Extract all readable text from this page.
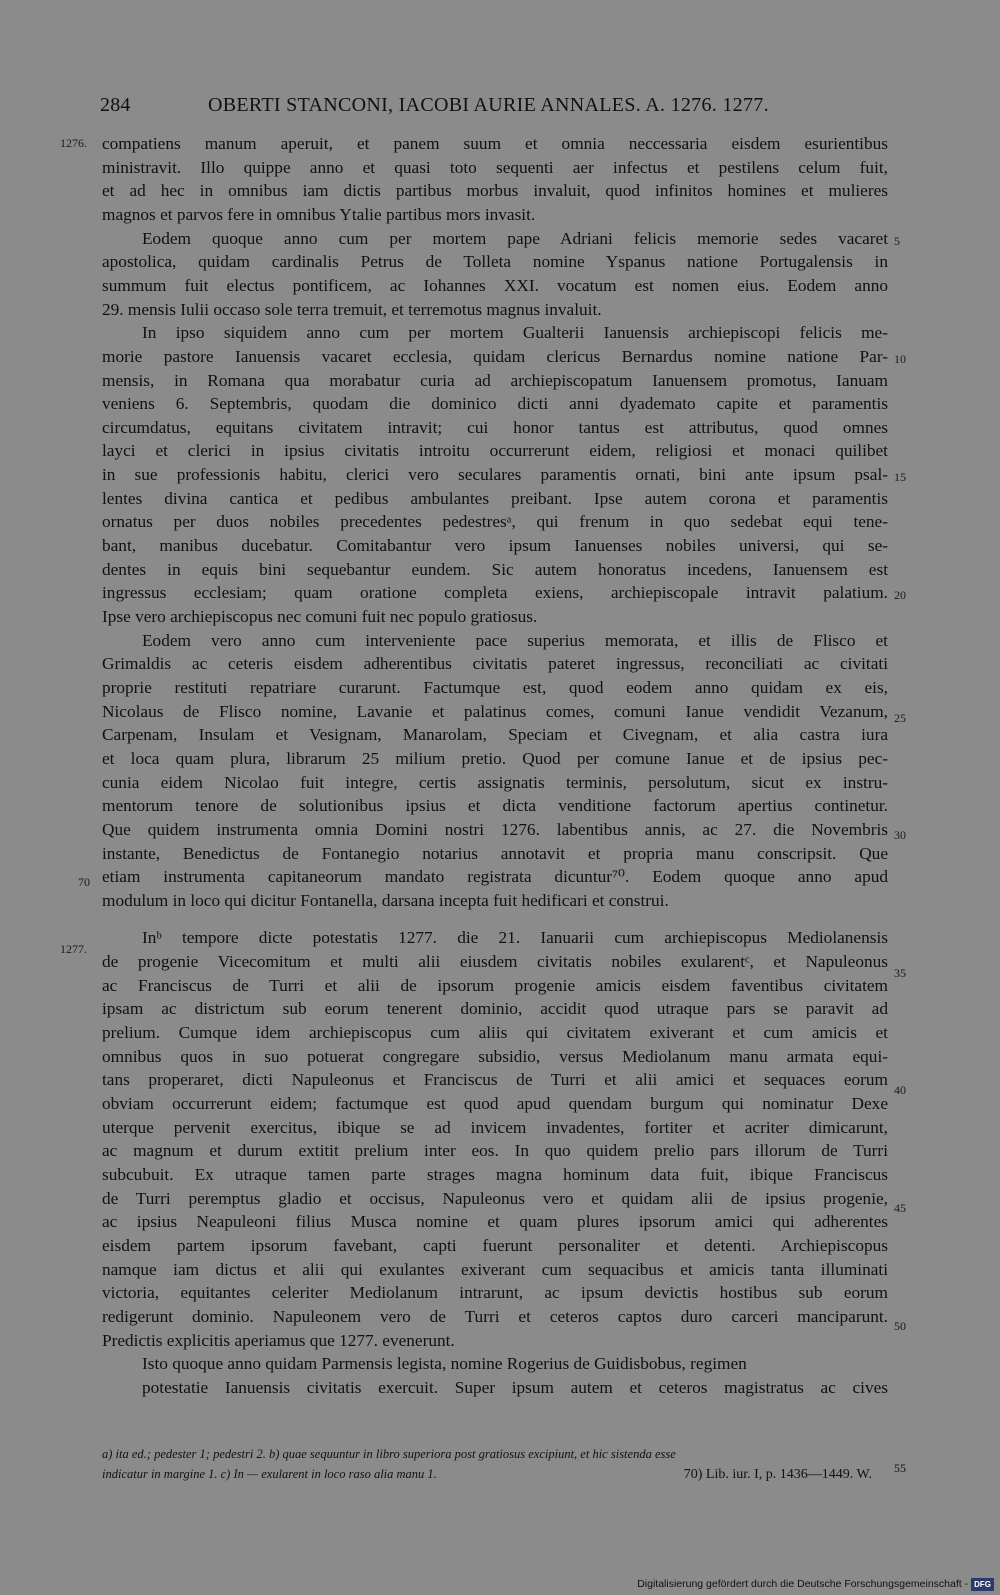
284	OBERTI STANCONI, IACOBI AURIE ANNALES. A. 1276. 1277.
compatiens manum aperuit, et panem suum et omnia neccessaria eisdem esurientibus
ministravit. Illo quippe anno et quasi toto sequenti aer infectus et pestilens celum fuit,
et ad hec in omnibus iam dictis partibus morbus invaluit, quod infinitos homines et mulieres
magnos et parvos fere in omnibus Ytalie partibus mors invasit.
Eodem quoque anno cum per mortem pape Adriani felicis memorie sedes vacaret
apostolica, quidam cardinalis Petrus de Tolleta nomine Yspanus natione Portugalensis in
summum fuit electus pontificem, ac Iohannes XXI. vocatum est nomen eius. Eodem anno
29. mensis Iulii occaso sole terra tremuit, et terremotus magnus invaluit.
In ipso siquidem anno cum per mortem Gualterii Ianuensis archiepiscopi felicis me-
morie pastore Ianuensis vacaret ecclesia, quidam clericus Bernardus nomine natione Par-
mensis, in Romana qua morabatur curia ad archiepiscopatum Ianuensem promotus, Ianuam
veniens 6. Septembris, quodam die dominico dicti anni dyademato capite et paramentis
circumdatus, equitans civitatem intravit; cui honor tantus est attributus, quod omnes
layci et clerici in ipsius civitatis introitu occurrerunt eidem, religiosi et monaci quilibet
in sue professionis habitu, clerici vero seculares paramentis ornati, bini ante ipsum psal-
lentes divina cantica et pedibus ambulantes preibant. Ipse autem corona et paramentis
ornatus per duos nobiles precedentes pedestresᵃ, qui frenum in quo sedebat equi tene-
bant, manibus ducebatur. Comitabantur vero ipsum Ianuenses nobiles universi, qui se-
dentes in equis bini sequebantur eundem. Sic autem honoratus incedens, Ianuensem est
ingressus ecclesiam; quam oratione completa exiens, archiepiscopale intravit palatium.
Ipse vero archiepiscopus nec comuni fuit nec populo gratiosus.
Eodem vero anno cum interveniente pace superius memorata, et illis de Flisco et
Grimaldis ac ceteris eisdem adherentibus civitatis pateret ingressus, reconciliati ac civitati
proprie restituti repatriare curarunt. Factumque est, quod eodem anno quidam ex eis,
Nicolaus de Flisco nomine, Lavanie et palatinus comes, comuni Ianue vendidit Vezanum,
Carpenam, Insulam et Vesignam, Manarolam, Speciam et Civegnam, et alia castra iura
et loca quam plura, librarum 25 milium pretio. Quod per comune Ianue et de ipsius pec-
cunia eidem Nicolao fuit integre, certis assignatis terminis, persolutum, sicut ex instru-
mentorum tenore de solutionibus ipsius et dicta venditione factorum apertius continetur.
Que quidem instrumenta omnia Domini nostri 1276. labentibus annis, ac 27. die Novembris
instante, Benedictus de Fontanegio notarius annotavit et propria manu conscripsit. Que
etiam instrumenta capitaneorum mandato registrata dicuntur⁷⁰. Eodem quoque anno apud
modulum in loco qui dicitur Fontanella, darsana incepta fuit hedificari et construi.
Inᵇ tempore dicte potestatis 1277. die 21. Ianuarii cum archiepiscopus Mediolanensis
de progenie Vicecomitum et multi alii eiusdem civitatis nobiles exularentᶜ, et Napuleonus
ac Franciscus de Turri et alii de ipsorum progenie amicis eisdem faventibus civitatem
ipsam ac districtum sub eorum tenerent dominio, accidit quod utraque pars se paravit ad
prelium. Cumque idem archiepiscopus cum aliis qui civitatem exiverant et cum amicis et
omnibus quos in suo potuerat congregare subsidio, versus Mediolanum manu armata equi-
tans properaret, dicti Napuleonus et Franciscus de Turri et alii amici et sequaces eorum
obviam occurrerunt eidem; factumque est quod apud quendam burgum qui nominatur Dexe
uterque pervenit exercitus, ibique se ad invicem invadentes, fortiter et acriter dimicarunt,
ac magnum et durum extitit prelium inter eos. In quo quidem prelio pars illorum de Turri
subcubuit. Ex utraque tamen parte strages magna hominum data fuit, ibique Franciscus
de Turri peremptus gladio et occisus, Napuleonus vero et quidam alii de ipsius progenie,
ac ipsius Neapuleoni filius Musca nomine et quam plures ipsorum amici qui adherentes
eisdem partem ipsorum favebant, capti fuerunt personaliter et detenti. Archiepiscopus
namque iam dictus et alii qui exulantes exiverant cum sequacibus et amicis tanta illuminati
victoria, equitantes celeriter Mediolanum intrarunt, ac ipsum devictis hostibus sub eorum
redigerunt dominio. Napuleonem vero de Turri et ceteros captos duro carceri manciparunt.
Predictis explicitis aperiamus que 1277. evenerunt.
Isto quoque anno quidam Parmensis legista, nomine Rogerius de Guidisbobus, regimen
potestatie Ianuensis civitatis exercuit. Super ipsum autem et ceteros magistratus ac cives
1276.
70
1277.
5
10
15
20
25
30
35
40
45
50
a) ita ed.; pedester 1; pedestri 2. b) quae sequuntur in libro superiora post gratiosus excipiunt, et hic sistenda esse
indicatur in margine 1. c) In — exularent in loco raso alia manu 1.	70) Lib. iur. I, p. 1436—1449. W. 55
Digitalisierung gefördert durch die Deutsche Forschungsgemeinschaft - DFG
